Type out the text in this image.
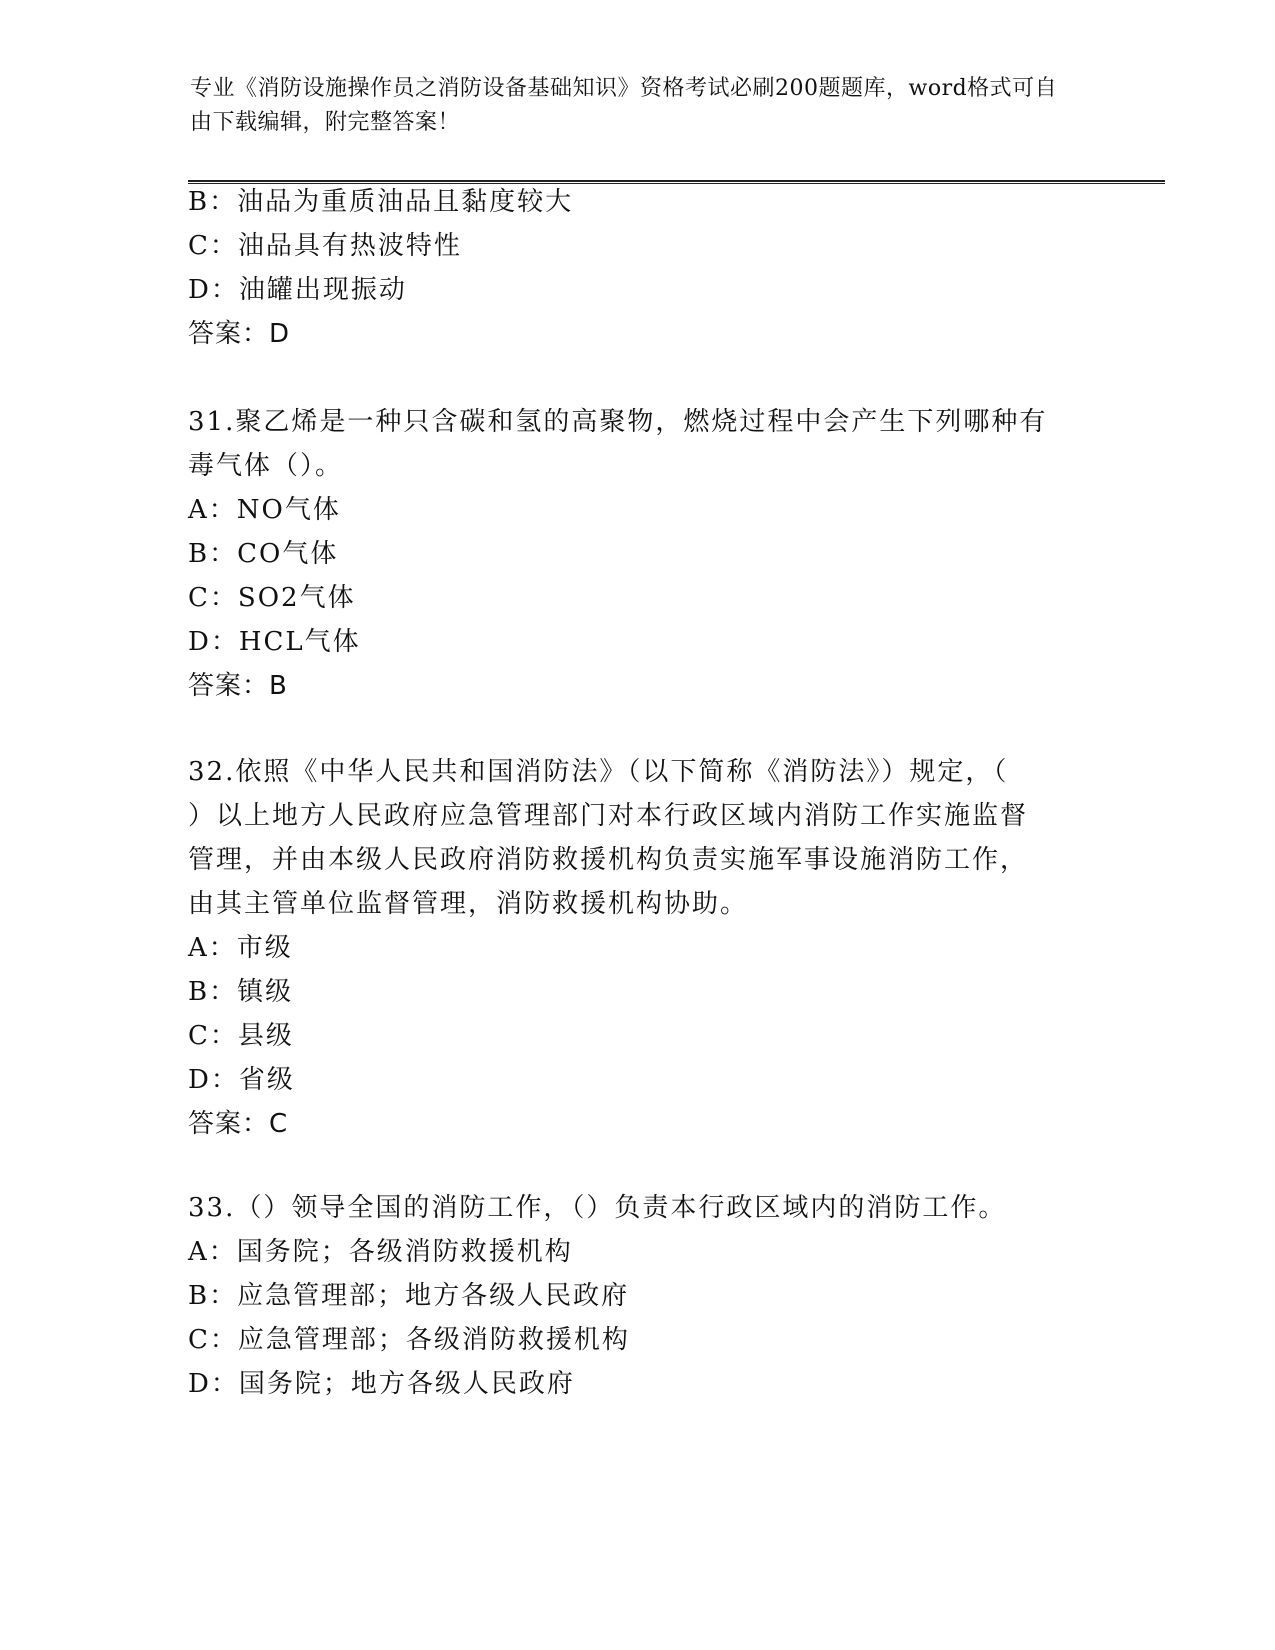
专业《消防设施操作员之消防设备基础知识》资格考试必刷200题题库，word格式可自由下载编辑，附完整答案！
B：油品为重质油品且黏度较大
C：油品具有热波特性
D：油罐出现振动
答案：D
31.聚乙烯是一种只含碳和氢的高聚物，燃烧过程中会产生下列哪种有
毒气体（）。
A：NO气体
B：CO气体
C：SO2气体
D：HCL气体
答案：B
32.依照《中华人民共和国消防法》（以下简称《消防法》）规定，（
）以上地方人民政府应急管理部门对本行政区域内消防工作实施监督
管理，并由本级人民政府消防救援机构负责实施军事设施消防工作，
由其主管单位监督管理，消防救援机构协助。
A：市级
B：镇级
C：县级
D：省级
答案：C
33.（）领导全国的消防工作，（）负责本行政区域内的消防工作。
A：国务院；各级消防救援机构
B：应急管理部；地方各级人民政府
C：应急管理部；各级消防救援机构
D：国务院；地方各级人民政府
